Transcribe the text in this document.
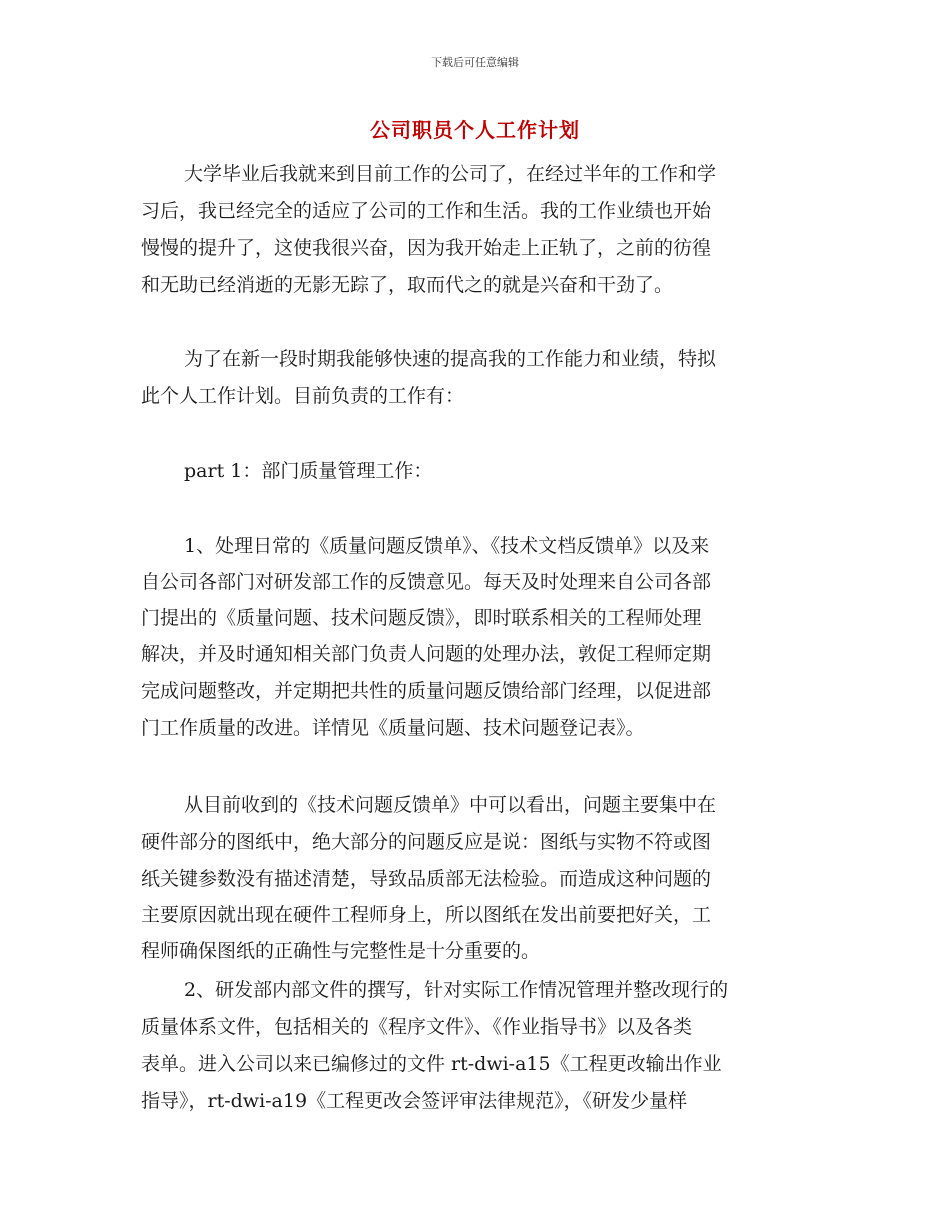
下载后可任意编辑
公司职员个人工作计划
大学毕业后我就来到目前工作的公司了，在经过半年的工作和学
习后，我已经完全的适应了公司的工作和生活。我的工作业绩也开始
慢慢的提升了，这使我很兴奋，因为我开始走上正轨了，之前的彷徨
和无助已经消逝的无影无踪了，取而代之的就是兴奋和干劲了。
为了在新一段时期我能够快速的提高我的工作能力和业绩，特拟
此个人工作计划。目前负责的工作有：
part 1：部门质量管理工作：
1、处理日常的《质量问题反馈单》、《技术文档反馈单》以及来
自公司各部门对研发部工作的反馈意见。每天及时处理来自公司各部
门提出的《质量问题、技术问题反馈》，即时联系相关的工程师处理
解决，并及时通知相关部门负责人问题的处理办法，敦促工程师定期
完成问题整改，并定期把共性的质量问题反馈给部门经理，以促进部
门工作质量的改进。详情见《质量问题、技术问题登记表》。
从目前收到的《技术问题反馈单》中可以看出，问题主要集中在
硬件部分的图纸中，绝大部分的问题反应是说：图纸与实物不符或图
纸关键参数没有描述清楚，导致品质部无法检验。而造成这种问题的
主要原因就出现在硬件工程师身上，所以图纸在发出前要把好关，工
程师确保图纸的正确性与完整性是十分重要的。
2、研发部内部文件的撰写，针对实际工作情况管理并整改现行的
质量体系文件，包括相关的《程序文件》、《作业指导书》以及各类
表单。进入公司以来已编修过的文件 rt-dwi-a15《工程更改输出作业
指导》，rt-dwi-a19《工程更改会签评审法律规范》，《研发少量样
